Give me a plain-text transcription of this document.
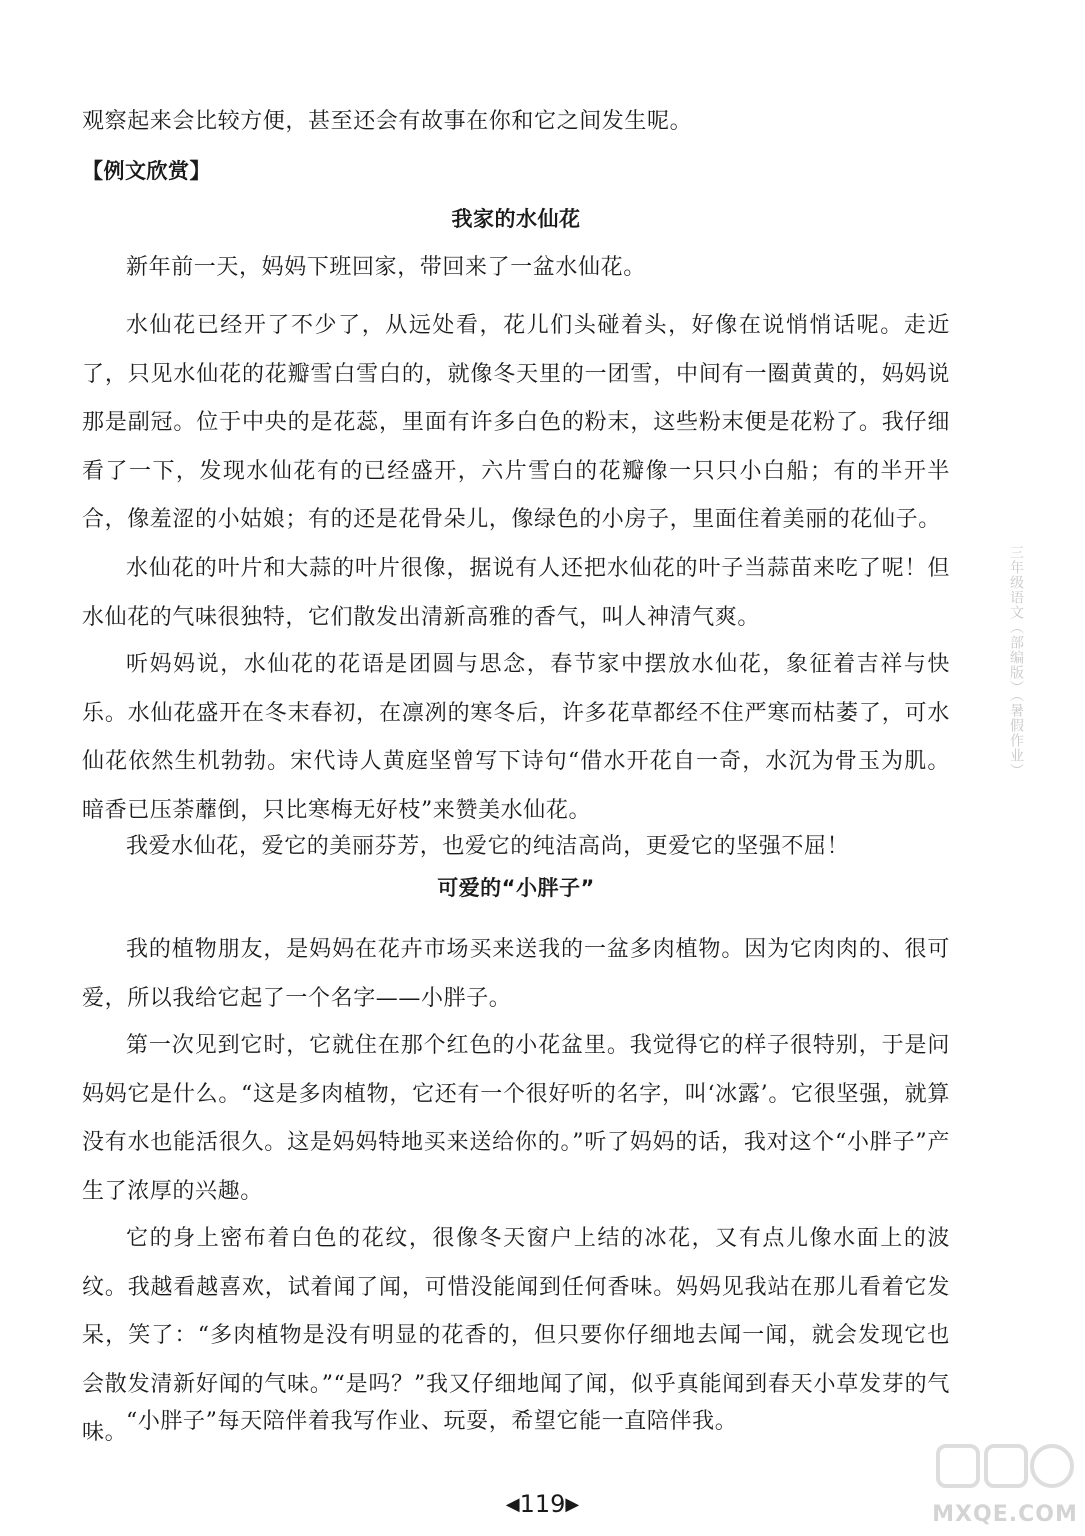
观察起来会比较方便，甚至还会有故事在你和它之间发生呢。

【例文欣赏】

我家的水仙花

新年前一天，妈妈下班回家，带回来了一盆水仙花。

水仙花已经开了不少了，从远处看，花儿们头碰着头，好像在说悄悄话呢。走近了，只见水仙花的花瓣雪白雪白的，就像冬天里的一团雪，中间有一圈黄黄的，妈妈说那是副冠。位于中央的是花蕊，里面有许多白色的粉末，这些粉末便是花粉了。我仔细看了一下，发现水仙花有的已经盛开，六片雪白的花瓣像一只只小白船；有的半开半合，像羞涩的小姑娘；有的还是花骨朵儿，像绿色的小房子，里面住着美丽的花仙子。

水仙花的叶片和大蒜的叶片很像，据说有人还把水仙花的叶子当蒜苗来吃了呢！但水仙花的气味很独特，它们散发出清新高雅的香气，叫人神清气爽。

听妈妈说，水仙花的花语是团圆与思念，春节家中摆放水仙花，象征着吉祥与快乐。水仙花盛开在冬末春初，在凛冽的寒冬后，许多花草都经不住严寒而枯萎了，可水仙花依然生机勃勃。宋代诗人黄庭坚曾写下诗句“借水开花自一奇，水沉为骨玉为肌。暗香已压荼蘼倒，只比寒梅无好枝”来赞美水仙花。

我爱水仙花，爱它的美丽芬芳，也爱它的纯洁高尚，更爱它的坚强不屈！

可爱的“小胖子”

我的植物朋友，是妈妈在花卉市场买来送我的一盆多肉植物。因为它肉肉的、很可爱，所以我给它起了一个名字——小胖子。

第一次见到它时，它就住在那个红色的小花盆里。我觉得它的样子很特别，于是问妈妈它是什么。“这是多肉植物，它还有一个很好听的名字，叫‘冰露’。它很坚强，就算没有水也能活很久。这是妈妈特地买来送给你的。”听了妈妈的话，我对这个“小胖子”产生了浓厚的兴趣。

它的身上密布着白色的花纹，很像冬天窗户上结的冰花，又有点儿像水面上的波纹。我越看越喜欢，试着闻了闻，可惜没能闻到任何香味。妈妈见我站在那儿看着它发呆，笑了：“多肉植物是没有明显的花香的，但只要你仔细地去闻一闻，就会发现它也会散发清新好闻的气味。”“是吗？”我又仔细地闻了闻，似乎真能闻到春天小草发芽的气味。

“小胖子”每天陪伴着我写作业、玩耍，希望它能一直陪伴我。

三年级语文（部编版）（暑假作业）
◀119▶	MXQE.COM
